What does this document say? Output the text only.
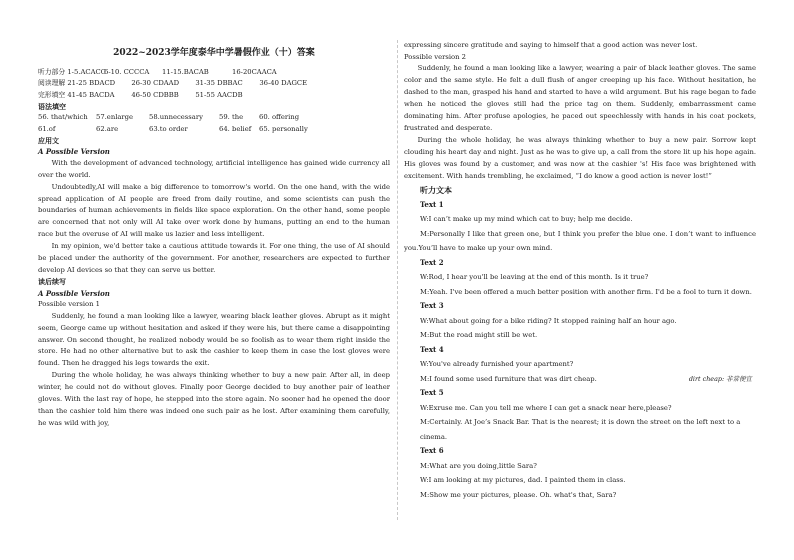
2022~2023学年度泰华中学暑假作业（十）答案
听力部分 1-5.ACACC6-10. CCCCA 11-15.BACAB	16-20CAACA
阅读理解 21-25 BDACD 26-30 CDAAD 31-35 DBBAC 36-40 DAGCE
完形填空 41-45 BACDA 46-50 CDBBB 51-55 AACDB
语法填空
56. that/which 57.enlarge 58.unnecessary 59. the 60. offering
61.of	62.are	63.to order	64. belief 65. personally
应用文
A Possible Version

With the development of advanced technology, artificial intelligence has gained wide currency all over the world.

Undoubtedly,AI will make a big difference to tomorrow's world. On the one hand, with the wide spread application of AI people are freed from daily routine, and some scientists can push the boundaries of human achievements in fields like space exploration. On the other hand, some people are concerned that not only will AI take over work done by humans, putting an end to the human race but the overuse of AI will make us lazier and less intelligent.

In my opinion, we'd better take a cautious attitude towards it. For one thing, the use of AI should be placed under the authority of the government. For another, researchers are expected to further develop AI devices so that they can serve us better.

读后续写
A Possible Version
Possible version 1

Suddenly, he found a man looking like a lawyer, wearing black leather gloves. Abrupt as it might seem, George came up without hesitation and asked if they were his, but there came a disappointing answer. On second thought, he realized nobody would be so foolish as to wear them right inside the store. He had no other alternative but to ask the cashier to keep them in case the lost gloves were found. Then he dragged his legs towards the exit.

During the whole holiday, he was always thinking whether to buy a new pair. After all, in deep winter, he could not do without gloves. Finally poor George decided to buy another pair of leather gloves. With the last ray of hope, he stepped into the store again. No sooner had he opened the door than the cashier told him there was indeed one such pair as he lost. After examining them carefully, he was wild with joy,

expressing sincere gratitude and saying to himself that a good action was never lost.
Possible version 2

Suddenly, he found a man looking like a lawyer, wearing a pair of black leather gloves. The same color and the same style. He felt a dull flush of anger creeping up his face. Without hesitation, he dashed to the man, grasped his hand and started to have a wild argument. But his rage began to fade when he noticed the gloves still had the price tag on them. Suddenly, embarrassment came dominating him. After profuse apologies, he paced out speechlessly with hands in his coat pockets, frustrated and desperate.

During the whole holiday, he was always thinking whether to buy a new pair. Sorrow kept clouding his heart day and night. Just as he was to give up, a call from the store lit up his hope again. His gloves was found by a customer, and was now at the cashier 's! His face was brightened with excitement. With hands trembling, he exclaimed, “I do know a good action is never lost!”

听力文本
Text 1
W:I can’t make up my mind which cat to buy; help me decide.
M:Personally I like that green one, but I think you prefer the blue one. I don’t want to influence you.You’ll have to make up your own mind.
Text 2
W:Rod, I hear you'll be leaving at the end of this month. Is it true?
M:Yeah. I've been offered a much better position with another firm. I'd be a fool to turn it down.
Text 3
W:What about going for a bike riding? It stopped raining half an hour ago.
M:But the road might still be wet.
Text 4
W:You've already furnished your apartment?
M:I found some used furniture that was dirt cheap.	dirt cheap: 非常便宜
Text 5
W:Exruse me. Can you tell me where I can get a snack near here,please?
M:Certainly. At Joe’s Snack Bar. That is the nearest; it is down the street on the left next to a cinema.
Text 6
M:What are you doing,little Sara?
W:I am looking at my pictures, dad. I painted them in class.
M:Show me your pictures, please. Oh. what's that, Sara?
